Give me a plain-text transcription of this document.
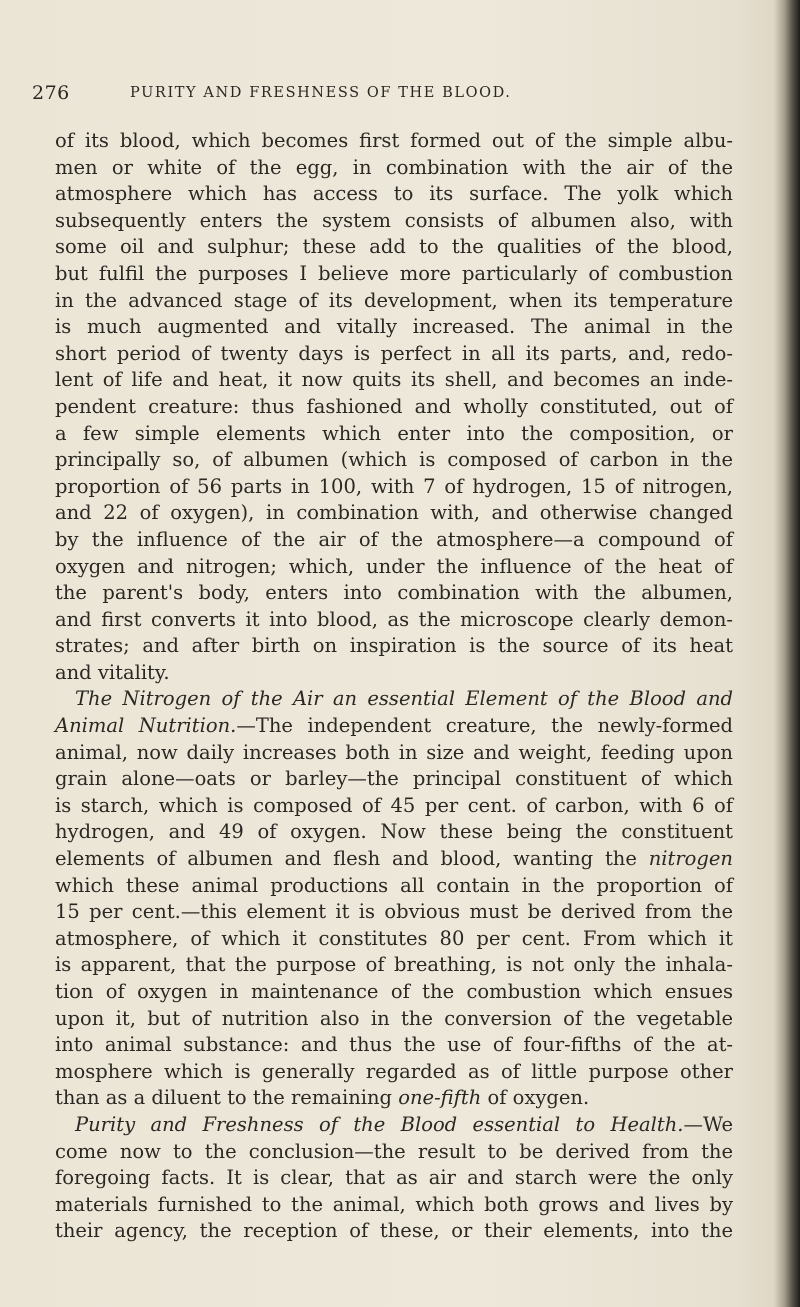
276	PURITY AND FRESHNESS OF THE BLOOD.
of its blood, which becomes first formed out of the simple albu-
men or white of the egg, in combination with the air of the
atmosphere which has access to its surface. The yolk which
subsequently enters the system consists of albumen also, with
some oil and sulphur; these add to the qualities of the blood,
but fulfil the purposes I believe more particularly of combustion
in the advanced stage of its development, when its temperature
is much augmented and vitally increased. The animal in the
short period of twenty days is perfect in all its parts, and, redo-
lent of life and heat, it now quits its shell, and becomes an inde-
pendent creature: thus fashioned and wholly constituted, out of
a few simple elements which enter into the composition, or
principally so, of albumen (which is composed of carbon in the
proportion of 56 parts in 100, with 7 of hydrogen, 15 of nitrogen,
and 22 of oxygen), in combination with, and otherwise changed
by the influence of the air of the atmosphere—a compound of
oxygen and nitrogen; which, under the influence of the heat of
the parent's body, enters into combination with the albumen,
and first converts it into blood, as the microscope clearly demon-
strates; and after birth on inspiration is the source of its heat
and vitality.
The Nitrogen of the Air an essential Element of the Blood and
Animal Nutrition.—The independent creature, the newly-formed
animal, now daily increases both in size and weight, feeding upon
grain alone—oats or barley—the principal constituent of which
is starch, which is composed of 45 per cent. of carbon, with 6 of
hydrogen, and 49 of oxygen. Now these being the constituent
elements of albumen and flesh and blood, wanting the nitrogen
which these animal productions all contain in the proportion of
15 per cent.—this element it is obvious must be derived from the
atmosphere, of which it constitutes 80 per cent. From which it
is apparent, that the purpose of breathing, is not only the inhala-
tion of oxygen in maintenance of the combustion which ensues
upon it, but of nutrition also in the conversion of the vegetable
into animal substance: and thus the use of four-fifths of the at-
mosphere which is generally regarded as of little purpose other
than as a diluent to the remaining one-fifth of oxygen.
Purity and Freshness of the Blood essential to Health.—We
come now to the conclusion—the result to be derived from the
foregoing facts. It is clear, that as air and starch were the only
materials furnished to the animal, which both grows and lives by
their agency, the reception of these, or their elements, into the
